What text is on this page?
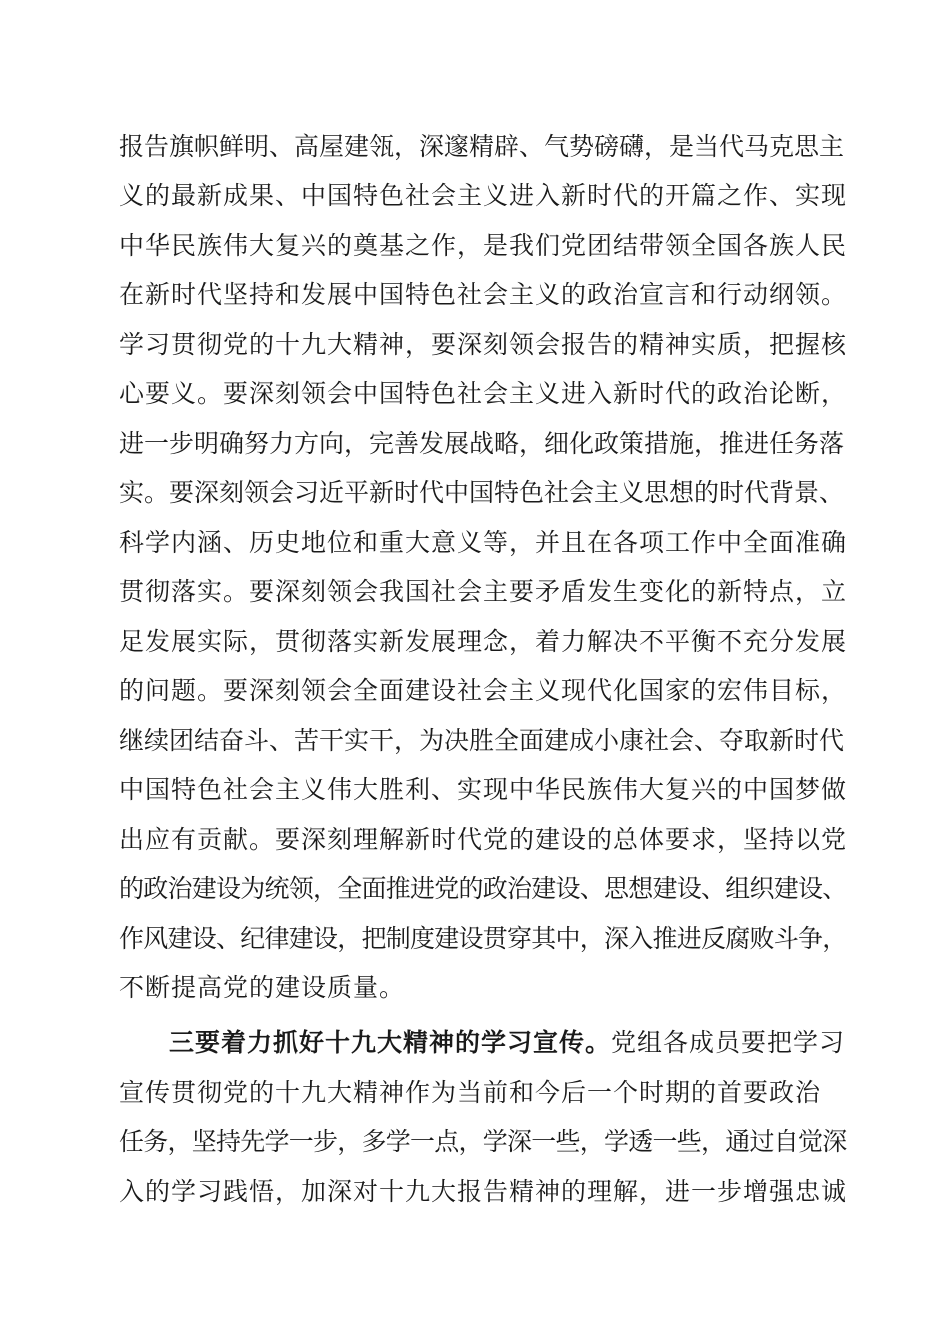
报告旗帜鲜明、高屋建瓴，深邃精辟、气势磅礴，是当代马克思主
义的最新成果、中国特色社会主义进入新时代的开篇之作、实现
中华民族伟大复兴的奠基之作，是我们党团结带领全国各族人民
在新时代坚持和发展中国特色社会主义的政治宣言和行动纲领。
学习贯彻党的十九大精神，要深刻领会报告的精神实质，把握核
心要义。要深刻领会中国特色社会主义进入新时代的政治论断，
进一步明确努力方向，完善发展战略，细化政策措施，推进任务落
实。要深刻领会习近平新时代中国特色社会主义思想的时代背景、
科学内涵、历史地位和重大意义等，并且在各项工作中全面准确
贯彻落实。要深刻领会我国社会主要矛盾发生变化的新特点，立
足发展实际，贯彻落实新发展理念，着力解决不平衡不充分发展
的问题。要深刻领会全面建设社会主义现代化国家的宏伟目标，
继续团结奋斗、苦干实干，为决胜全面建成小康社会、夺取新时代
中国特色社会主义伟大胜利、实现中华民族伟大复兴的中国梦做
出应有贡献。要深刻理解新时代党的建设的总体要求，坚持以党
的政治建设为统领，全面推进党的政治建设、思想建设、组织建设、
作风建设、纪律建设，把制度建设贯穿其中，深入推进反腐败斗争，
不断提高党的建设质量。
三要着力抓好十九大精神的学习宣传。党组各成员要把学习
宣传贯彻党的十九大精神作为当前和今后一个时期的首要政治
任务，坚持先学一步，多学一点，学深一些，学透一些，通过自觉深
入的学习践悟，加深对十九大报告精神的理解，进一步增强忠诚
